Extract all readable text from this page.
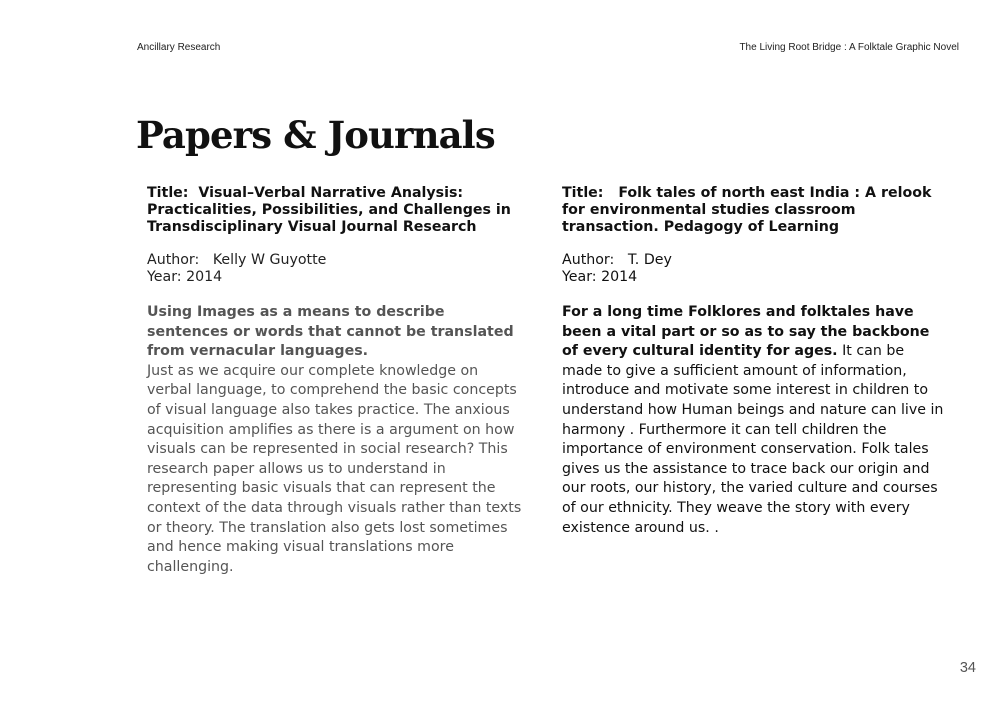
Ancillary Research	The Living Root Bridge : A Folktale Graphic Novel
Papers & Journals
Title: Visual–Verbal Narrative Analysis: Practicalities, Possibilities, and Challenges in Transdisciplinary Visual Journal Research
Author: Kelly W Guyotte
Year: 2014
Using Images as a means to describe sentences or words that cannot be translated from vernacular languages.
Just as we acquire our complete knowledge on verbal language, to comprehend the basic concepts of visual language also takes practice. The anxious acquisition amplifies as there is a argument on how visuals can be represented in social research? This research paper allows us to understand in representing basic visuals that can represent the context of the data through visuals rather than texts or theory. The translation also gets lost sometimes and hence making visual translations more challenging.
Title: Folk tales of north east India : A relook for environmental studies classroom transaction. Pedagogy of Learning
Author: T. Dey
Year: 2014
For a long time Folklores and folktales have been a vital part or so as to say the backbone of every cultural identity for ages. It can be made to give a sufficient amount of information, introduce and motivate some interest in children to understand how Human beings and nature can live in harmony . Furthermore it can tell children the importance of environment conservation. Folk tales gives us the assistance to trace back our origin and our roots, our history, the varied culture and courses of our ethnicity. They weave the story with every existence around us. .
34
